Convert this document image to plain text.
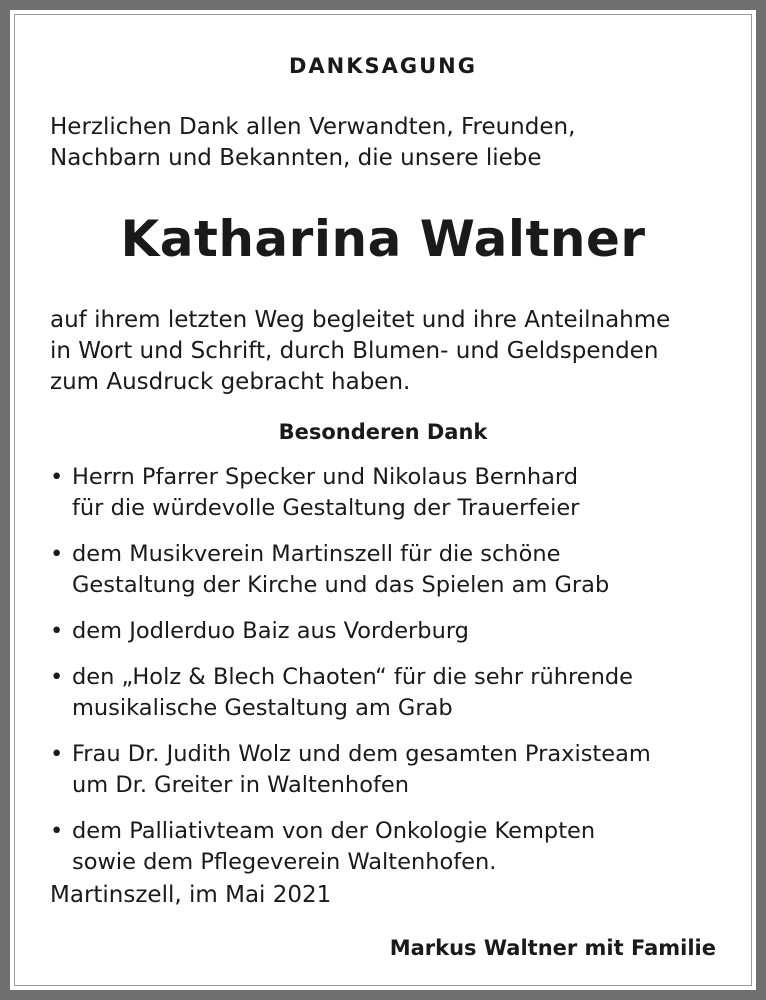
DANKSAGUNG
Herzlichen Dank allen Verwandten, Freunden,
Nachbarn und Bekannten, die unsere liebe
Katharina Waltner
auf ihrem letzten Weg begleitet und ihre Anteilnahme
in Wort und Schrift, durch Blumen- und Geldspenden
zum Ausdruck gebracht haben.
Besonderen Dank
• Herrn Pfarrer Specker und Nikolaus Bernhard
für die würdevolle Gestaltung der Trauerfeier
• dem Musikverein Martinszell für die schöne
Gestaltung der Kirche und das Spielen am Grab
• dem Jodlerduo Baiz aus Vorderburg
• den „Holz & Blech Chaoten“ für die sehr rührende
musikalische Gestaltung am Grab
• Frau Dr. Judith Wolz und dem gesamten Praxisteam
um Dr. Greiter in Waltenhofen
• dem Palliativteam von der Onkologie Kempten
sowie dem Pflegeverein Waltenhofen.
Martinszell, im Mai 2021
Markus Waltner mit Familie
